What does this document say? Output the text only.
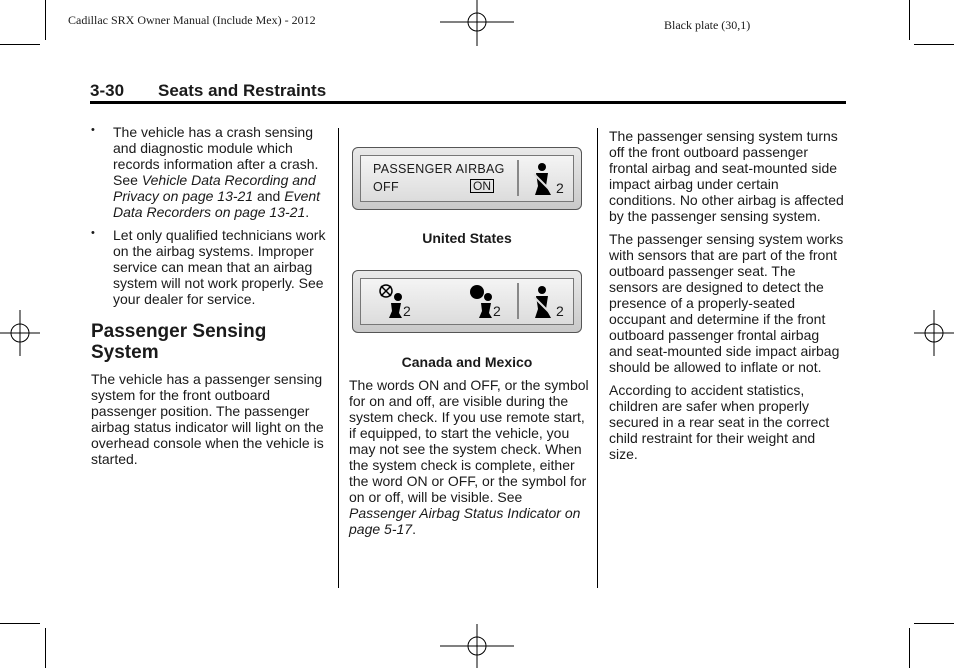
Cadillac SRX Owner Manual (Include Mex) - 2012	Black plate (30,1)
3-30 Seats and Restraints
• The vehicle has a crash sensing and diagnostic module which records information after a crash. See Vehicle Data Recording and Privacy on page 13-21 and Event Data Recorders on page 13-21.
• Let only qualified technicians work on the airbag systems. Improper service can mean that an airbag system will not work properly. See your dealer for service.
Passenger Sensing System

The vehicle has a passenger sensing system for the front outboard passenger position. The passenger airbag status indicator will light on the overhead console when the vehicle is started.

PASSENGER AIRBAG
OFF	ON	2
United States
2	2	2
Canada and Mexico

The words ON and OFF, or the symbol for on and off, are visible during the system check. If you use remote start, if equipped, to start the vehicle, you may not see the system check. When the system check is complete, either the word ON or OFF, or the symbol for on or off, will be visible. See Passenger Airbag Status Indicator on page 5-17.

The passenger sensing system turns off the front outboard passenger frontal airbag and seat-mounted side impact airbag under certain conditions. No other airbag is affected by the passenger sensing system.

The passenger sensing system works with sensors that are part of the front outboard passenger seat. The sensors are designed to detect the presence of a properly-seated occupant and determine if the front outboard passenger frontal airbag and seat-mounted side impact airbag should be allowed to inflate or not.

According to accident statistics, children are safer when properly secured in a rear seat in the correct child restraint for their weight and size.
